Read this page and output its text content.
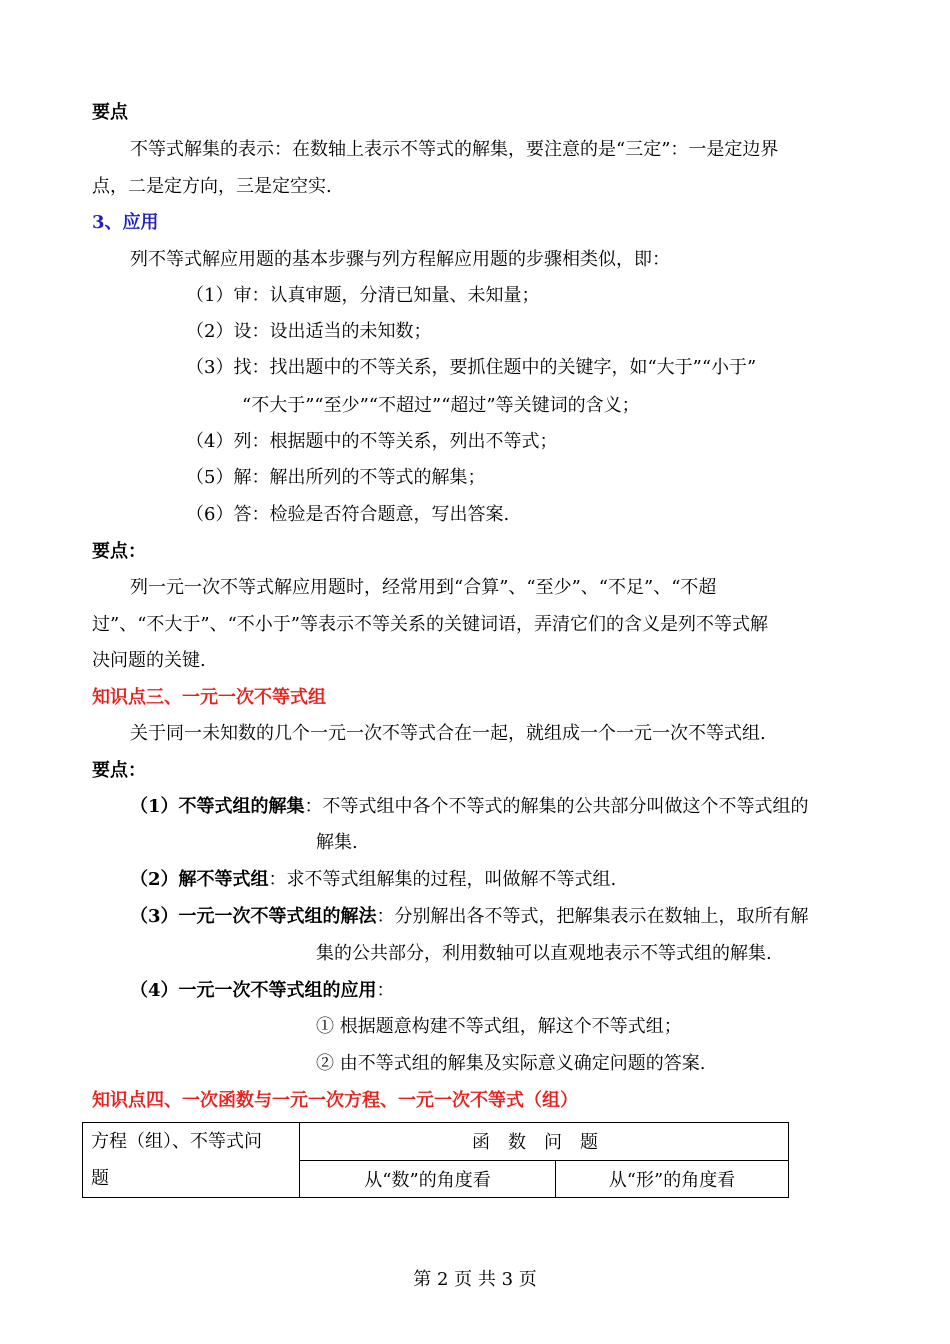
要点
不等式解集的表示：在数轴上表示不等式的解集，要注意的是“三定”：一是定边界
点，二是定方向，三是定空实.
3、应用
列不等式解应用题的基本步骤与列方程解应用题的步骤相类似，即：
（1）审：认真审题，分清已知量、未知量；
（2）设：设出适当的未知数；
（3）找：找出题中的不等关系，要抓住题中的关键字，如“大于”“小于”
“不大于”“至少”“不超过”“超过”等关键词的含义；
（4）列：根据题中的不等关系，列出不等式；
（5）解：解出所列的不等式的解集；
（6）答：检验是否符合题意，写出答案.
要点：
列一元一次不等式解应用题时，经常用到“合算”、“至少”、“不足”、“不超
过”、“不大于”、“不小于”等表示不等关系的关键词语，弄清它们的含义是列不等式解
决问题的关键.
知识点三、一元一次不等式组
关于同一未知数的几个一元一次不等式合在一起，就组成一个一元一次不等式组.
要点：
（1）不等式组的解集：不等式组中各个不等式的解集的公共部分叫做这个不等式组的
解集.
（2）解不等式组：求不等式组解集的过程，叫做解不等式组.
（3）一元一次不等式组的解法：分别解出各不等式，把解集表示在数轴上，取所有解
集的公共部分，利用数轴可以直观地表示不等式组的解集.
（4）一元一次不等式组的应用：
① 根据题意构建不等式组，解这个不等式组；
② 由不等式组的解集及实际意义确定问题的答案.
知识点四、一次函数与一元一次方程、一元一次不等式（组）
方程（组）、不等式问
题	函数问题	
	从“数”的角度看	从“形”的角度看
第 2 页 共 3 页
